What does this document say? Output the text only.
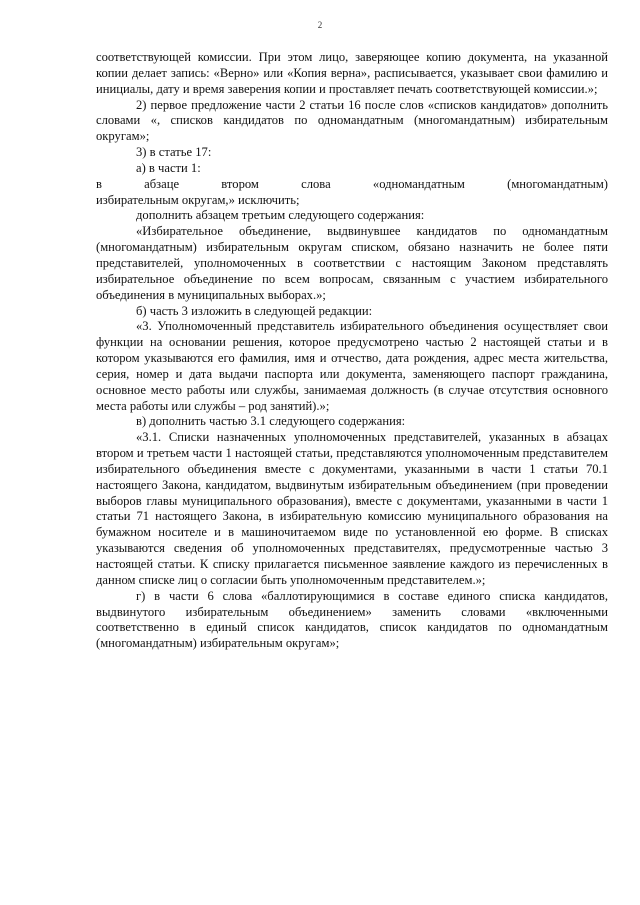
2

соответствующей комиссии. При этом лицо, заверяющее копию документа, на указанной копии делает запись: «Верно» или «Копия верна», расписывается, указывает свои фамилию и инициалы, дату и время заверения копии и проставляет печать соответствующей комиссии.»;

2) первое предложение части 2 статьи 16 после слов «списков кандидатов» дополнить словами «, списков кандидатов по одномандатным (многомандатным) избирательным округам»;

3) в статье 17:

а) в части 1:

в абзаце втором слова «одномандатным (многомандатным)

избирательным округам,» исключить;

дополнить абзацем третьим следующего содержания:

«Избирательное объединение, выдвинувшее кандидатов по одномандатным (многомандатным) избирательным округам списком, обязано назначить не более пяти представителей, уполномоченных в соответствии с настоящим Законом представлять избирательное объединение по всем вопросам, связанным с участием избирательного объединения в муниципальных выборах.»;

б) часть 3 изложить в следующей редакции:

«3. Уполномоченный представитель избирательного объединения осуществляет свои функции на основании решения, которое предусмотрено частью 2 настоящей статьи и в котором указываются его фамилия, имя и отчество, дата рождения, адрес места жительства, серия, номер и дата выдачи паспорта или документа, заменяющего паспорт гражданина, основное место работы или службы, занимаемая должность (в случае отсутствия основного места работы или службы – род занятий).»;

в) дополнить частью 3.1 следующего содержания:

«3.1. Списки назначенных уполномоченных представителей, указанных в абзацах втором и третьем части 1 настоящей статьи, представляются уполномоченным представителем избирательного объединения вместе с документами, указанными в части 1 статьи 70.1 настоящего Закона, кандидатом, выдвинутым избирательным объединением (при проведении выборов главы муниципального образования), вместе с документами, указанными в части 1 статьи 71 настоящего Закона, в избирательную комиссию муниципального образования на бумажном носителе и в машиночитаемом виде по установленной ею форме. В списках указываются сведения об уполномоченных представителях, предусмотренные частью 3 настоящей статьи. К списку прилагается письменное заявление каждого из перечисленных в данном списке лиц о согласии быть уполномоченным представителем.»;

г) в части 6 слова «баллотирующимися в составе единого списка кандидатов, выдвинутого избирательным объединением» заменить словами «включенными соответственно в единый список кандидатов, список кандидатов по одномандатным (многомандатным) избирательным округам»;
